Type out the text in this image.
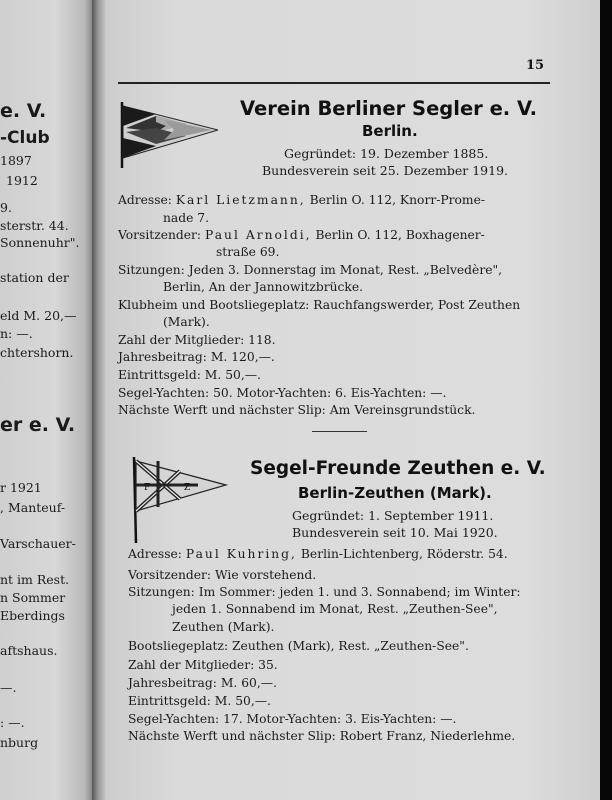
e. V.
-Club
1897
1912
9.
sterstr. 44.
Sonnenuhr".
station der
eld M. 20,—
n: —.
chtershorn.
er e. V.
r 1921
, Manteuf-
Varschauer-
nt im Rest.
n Sommer
Eberdings
aftshaus.
—.
: —.
nburg
15
Verein Berliner Segler e. V.
Berlin.
Gegründet: 19. Dezember 1885.
Bundesverein seit 25. Dezember 1919.
Adresse: Karl Lietzmann, Berlin O. 112, Knorr-Prome-
nade 7.
Vorsitzender: Paul Arnoldi, Berlin O. 112, Boxhagener-
straße 69.
Sitzungen: Jeden 3. Donnerstag im Monat, Rest. „Belvedère",
Berlin, An der Jannowitzbrücke.
Klubheim und Bootsliegeplatz: Rauchfangswerder, Post Zeuthen
(Mark).
Zahl der Mitglieder: 118.
Jahresbeitrag: M. 120,—.
Eintrittsgeld: M. 50,—.
Segel-Yachten: 50. Motor-Yachten: 6. Eis-Yachten: —.
Nächste Werft und nächster Slip: Am Vereinsgrundstück.
F	Z
Segel-Freunde Zeuthen e. V.
Berlin-Zeuthen (Mark).
Gegründet: 1. September 1911.
Bundesverein seit 10. Mai 1920.
Adresse: Paul Kuhring, Berlin-Lichtenberg, Röderstr. 54.
Vorsitzender: Wie vorstehend.
Sitzungen: Im Sommer: jeden 1. und 3. Sonnabend; im Winter:
jeden 1. Sonnabend im Monat, Rest. „Zeuthen-See",
Zeuthen (Mark).
Bootsliegeplatz: Zeuthen (Mark), Rest. „Zeuthen-See".
Zahl der Mitglieder: 35.
Jahresbeitrag: M. 60,—.
Eintrittsgeld: M. 50,—.
Segel-Yachten: 17. Motor-Yachten: 3. Eis-Yachten: —.
Nächste Werft und nächster Slip: Robert Franz, Niederlehme.
